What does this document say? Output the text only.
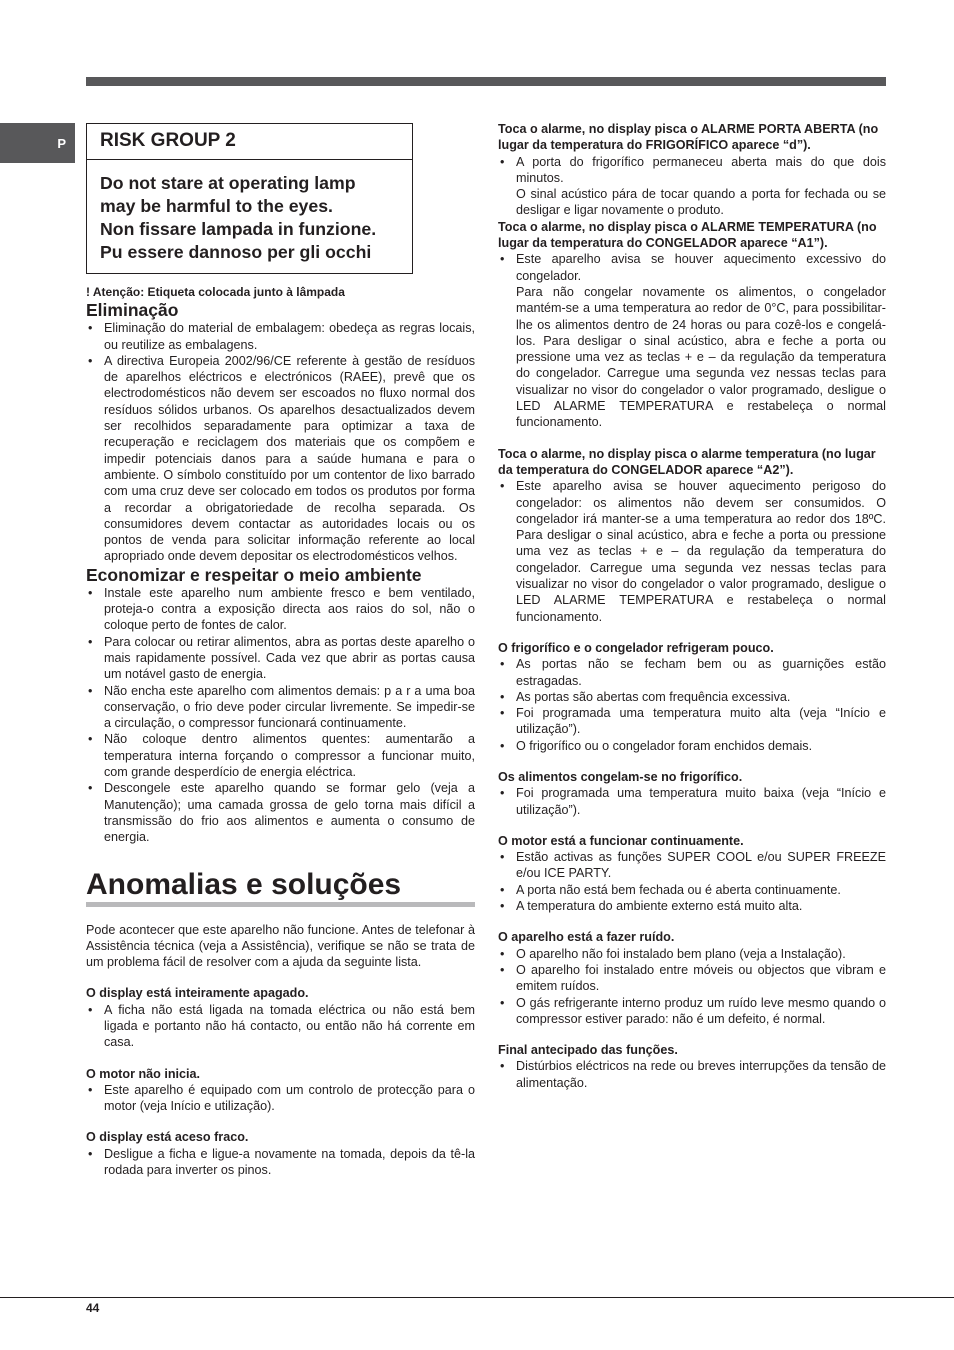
P	RISK GROUP 2
Do not stare at operating lamp
may be harmful to the eyes.
Non fissare lampada in funzione.
Pu essere dannoso per gli occhi
! Atenção: Etiqueta colocada junto à lâmpada
Eliminação
• Eliminação do material de embalagem: obedeça as regras locais, ou reutilize as embalagens.
• A directiva Europeia 2002/96/CE referente à gestão de resíduos de aparelhos eléctricos e electrónicos (RAEE), prevê que os electrodomésticos não devem ser escoados no fluxo normal dos resíduos sólidos urbanos. Os aparelhos desactualizados devem ser recolhidos separadamente para optimizar a taxa de recuperação e reciclagem dos materiais que os compõem e impedir potenciais danos para a saúde humana e para o ambiente. O símbolo constituído por um contentor de lixo barrado com uma cruz deve ser colocado em todos os produtos por forma a recordar a obrigatoriedade de recolha separada. Os consumidores devem contactar as autoridades locais ou os pontos de venda para solicitar informação referente ao local apropriado onde devem depositar os electrodomésticos velhos.
Economizar e respeitar o meio ambiente
• Instale este aparelho num ambiente fresco e bem ventilado, proteja-o contra a exposição directa aos raios do sol, não o coloque perto de fontes de calor.
• Para colocar ou retirar alimentos, abra as portas deste aparelho o mais rapidamente possível. Cada vez que abrir as portas causa um notável gasto de energia.
• Não encha este aparelho com alimentos demais: p a r a uma boa conservação, o frio deve poder circular livremente. Se impedir-se a circulação, o compressor funcionará continuamente.
• Não coloque dentro alimentos quentes: aumentarão a temperatura interna forçando o compressor a funcionar muito, com grande desperdício de energia eléctrica.
• Descongele este aparelho quando se formar gelo (veja a Manutenção); uma camada grossa de gelo torna mais difícil a transmissão do frio aos alimentos e aumenta o consumo de energia.
Anomalias e soluções

Pode acontecer que este aparelho não funcione. Antes de telefonar à Assistência técnica (veja a Assistência), verifique se não se trata de um problema fácil de resolver com a ajuda da seguinte lista.

O display está inteiramente apagado.
• A ficha não está ligada na tomada eléctrica ou não está bem ligada e portanto não há contacto, ou então não há corrente em casa.
O motor não inicia.
• Este aparelho é equipado com um controlo de protecção para o motor (veja Início e utilização).
O display está aceso fraco.
• Desligue a ficha e ligue-a novamente na tomada, depois da tê-la rodada para inverter os pinos.
Toca o alarme, no display pisca o ALARME PORTA ABERTA (no lugar da temperatura do FRIGORÍFICO aparece “d”).
• A porta do frigorífico permaneceu aberta mais do que dois minutos.
O sinal acústico pára de tocar quando a porta for fechada ou se desligar e ligar novamente o produto.
Toca o alarme, no display pisca o ALARME TEMPERATURA (no lugar da temperatura do CONGELADOR aparece “A1”).
• Este aparelho avisa se houver aquecimento excessivo do congelador.
Para não congelar novamente os alimentos, o congelador mantém-se a uma temperatura ao redor de 0°C, para possibilitar-lhe os alimentos dentro de 24 horas ou para cozê-los e congelá-los. Para desligar o sinal acústico, abra e feche a porta ou pressione uma vez as teclas + e – da regulação da temperatura do congelador. Carregue uma segunda vez nessas teclas para visualizar no visor do congelador o valor programado, desligue o LED ALARME TEMPERATURA e restabeleça o normal funcionamento.
Toca o alarme, no display pisca o alarme temperatura (no lugar da temperatura do CONGELADOR aparece “A2”).
• Este aparelho avisa se houver aquecimento perigoso do congelador: os alimentos não devem ser consumidos. O congelador irá manter-se a uma temperatura ao redor dos 18ºC. Para desligar o sinal acústico, abra e feche a porta ou pressione uma vez as teclas + e – da regulação da temperatura do congelador. Carregue uma segunda vez nessas teclas para visualizar no visor do congelador o valor programado, desligue o LED ALARME TEMPERATURA e restabeleça o normal funcionamento.
O frigorífico e o congelador refrigeram pouco.
• As portas não se fecham bem ou as guarnições estão estragadas.
• As portas são abertas com frequência excessiva.
• Foi programada uma temperatura muito alta (veja “Início e utilização”).
• O frigorífico ou o congelador foram enchidos demais.
Os alimentos congelam-se no frigorífico.
• Foi programada uma temperatura muito baixa (veja “Início e utilização”).
O motor está a funcionar continuamente.
• Estão activas as funções SUPER COOL e/ou SUPER FREEZE e/ou ICE PARTY.
• A porta não está bem fechada ou é aberta continuamente.
• A temperatura do ambiente externo está muito alta.
O aparelho está a fazer ruído.
• O aparelho não foi instalado bem plano (veja a Instalação).
• O aparelho foi instalado entre móveis ou objectos que vibram e emitem ruídos.
• O gás refrigerante interno produz um ruído leve mesmo quando o compressor estiver parado: não é um defeito, é normal.
Final antecipado das funções.
• Distúrbios eléctricos na rede ou breves interrupções da tensão de alimentação.
44
